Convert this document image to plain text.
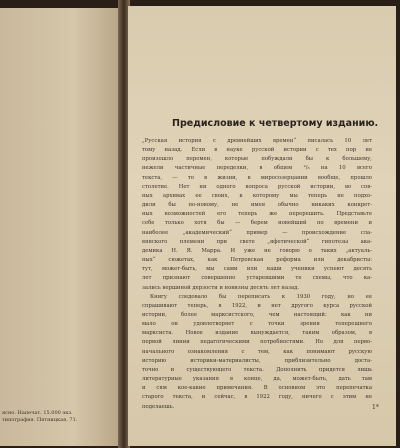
ясно. Напечат. 15.000 экз.
типография. Пятницкая, 71.
Предисловие к четвертому изданию.
„Русская история с древнейших времен“ писалась 10 лет
тому назад. Если в науке русской истории с тех пор не
произошло перемен, которые побуждали бы к большему,
нежели частичные переделки, в общем ²/₃ на 10 всего
текста, — то в жизни, в миросозерцании вообще, прошло
столетие. Нет ни одного вопроса русской истории, во сов-
ных архивах ее своих, к которому мы теперь не подхо-
дили бы по-новому, не имея обычно никаких конкрет-
ных возможностей его теперь же перерешить. Представьте
себе только хотя бы — берем новейший по времени и
наиболее „академический“ пример — происхождение сла-
вянского племени при свете „яфетической“ гипотезы ака-
демика Н. Я. Марра. И уже не говорю о таких „актуаль-
ных“ сюжетах, как Петровская реформа или декабристы:
тут, может-быть, мы сами или наши ученики успеют десять
лет признают совершенно устаревшими те схемы, что ка-
зались вершиной дерзости и новизны десять лет назад.
Книгу следовало бы переписать к 1930 году, но ее
спрашивают теперь, в 1922, и нет другого курса русской
истории, более марксистского, чем настоящий: как ни
мало он удовлетворяет с точки зрения теперешнего
марксиста. Новое издание вынуждается, таким образом, в
первой линии педагогическими потребностями. Но для перво-
начального ознакомления с тем, как понимают русскую
историю историки-материалисты, приблизительно доста-
точно и существующего текста. Дополнить придется лишь
литературные указания в конце, да, может-быть, дать там
и сям кое-какие примечания. В основном это перепечатка
старого текста, и сейчас, в 1922 году, ничего с этим не
поделаешь.	1*
